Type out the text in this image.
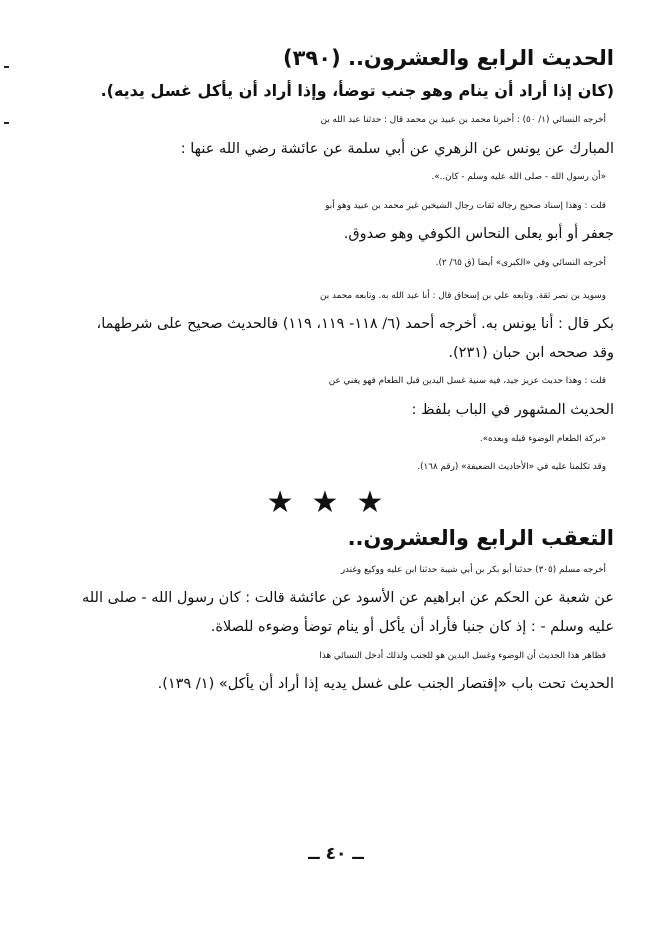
الحديث الرابع والعشرون.. (٣٩٠)
(كان إذا أراد أن ينام وهو جنب توضأ، وإذا أراد أن يأكل غسل يديه).

أخرجه النسائي (١/ ٥٠) : أخبرنا محمد بن عبيد بن محمد قال : حدثنا عبد الله بن

المبارك عن يونس عن الزهري عن أبي سلمة عن عائشة رضي الله عنها :

«أن رسول الله - صلى الله عليه وسلم - كان..».

قلت : وهذا إسناد صحيح رجاله ثقات رجال الشيخين غير محمد بن عبيد وهو أبو

جعفر أو أبو يعلى النحاس الكوفي وهو صدوق.

أخرجه النسائي وفي «الكبرى» أيضا (ق ٦٥/ ٢).

وسويد بن نصر ثقة. وتابعه علي بن إسحاق قال : أنا عبد الله به. وتابعه محمد بن

بكر قال : أنا يونس به. أخرجه أحمد (٦/ ١١٨- ١١٩، ١١٩) فالحديث صحيح على شرطهما،

وقد صححه ابن حبان (٢٣١).

قلت : وهذا حديث عزيز جيد، فيه سنية غسل اليدين قبل الطعام فهو يغني عن

الحديث المشهور في الباب بلفظ :

«بركة الطعام الوضوء قبله وبعده».

وقد تكلمنا عليه في «الأحاديث الضعيفة» (رقم ١٦٨).

★★★
التعقب الرابع والعشرون..

أخرجه مسلم (٣٠٥) حدثنا أبو بكر بن أبي شيبة حدثنا ابن عليه ووكيع وغندر

عن شعبة عن الحكم عن ابراهيم عن الأسود عن عائشة قالت : كان رسول الله - صلى الله

عليه وسلم - : إذ كان جنبا فأراد أن يأكل أو ينام توضأ وضوءه للصلاة.

فظاهر هذا الحديث أن الوضوء وغسل اليدين هو للجنب ولذلك أدخل النسائي هذا

الحديث تحت باب «إقتصار الجنب على غسل يديه إذا أراد أن يأكل» (١/ ١٣٩).

ــ ٤٠ ــ
